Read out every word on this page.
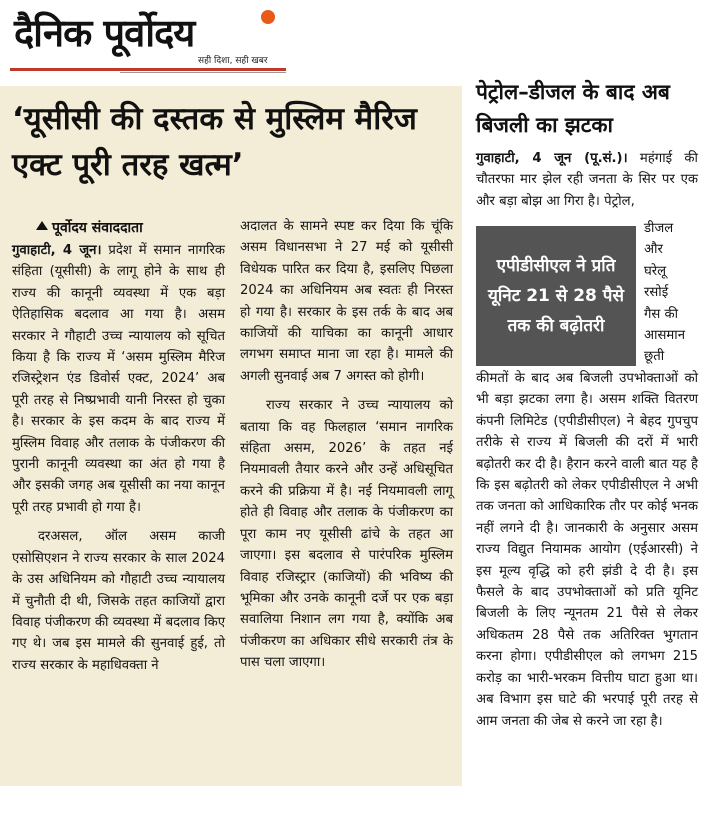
दैनिक पूर्वोदय
सही दिशा, सही खबर
‘यूसीसी की दस्तक से मुस्लिम मैरिज एक्ट पूरी तरह खत्म’
पूर्वोदय संवाददाता

गुवाहाटी, 4 जून। प्रदेश में समान नागरिक संहिता (यूसीसी) के लागू होने के साथ ही राज्य की कानूनी व्यवस्था में एक बड़ा ऐतिहासिक बदलाव आ गया है। असम सरकार ने गौहाटी उच्च न्यायालय को सूचित किया है कि राज्य में ‘असम मुस्लिम मैरिज रजिस्ट्रेशन एंड डिवोर्स एक्ट, 2024’ अब पूरी तरह से निष्प्रभावी यानी निरस्त हो चुका है। सरकार के इस कदम के बाद राज्य में मुस्लिम विवाह और तलाक के पंजीकरण की पुरानी कानूनी व्यवस्था का अंत हो गया है और इसकी जगह अब यूसीसी का नया कानून पूरी तरह प्रभावी हो गया है।

दरअसल, ऑल असम काजी एसोसिएशन ने राज्य सरकार के साल 2024 के उस अधिनियम को गौहाटी उच्च न्यायालय में चुनौती दी थी, जिसके तहत काजियों द्वारा विवाह पंजीकरण की व्यवस्था में बदलाव किए गए थे। जब इस मामले की सुनवाई हुई, तो राज्य सरकार के महाधिवक्ता ने

अदालत के सामने स्पष्ट कर दिया कि चूंकि असम विधानसभा ने 27 मई को यूसीसी विधेयक पारित कर दिया है, इसलिए पिछला 2024 का अधिनियम अब स्वतः ही निरस्त हो गया है। सरकार के इस तर्क के बाद अब काजियों की याचिका का कानूनी आधार लगभग समाप्त माना जा रहा है। मामले की अगली सुनवाई अब 7 अगस्त को होगी।

राज्य सरकार ने उच्च न्यायालय को बताया कि वह फिलहाल ‘समान नागरिक संहिता असम, 2026’ के तहत नई नियमावली तैयार करने और उन्हें अधिसूचित करने की प्रक्रिया में है। नई नियमावली लागू होते ही विवाह और तलाक के पंजीकरण का पूरा काम नए यूसीसी ढांचे के तहत आ जाएगा। इस बदलाव से पारंपरिक मुस्लिम विवाह रजिस्ट्रार (काजियों) की भविष्य की भूमिका और उनके कानूनी दर्जे पर एक बड़ा सवालिया निशान लग गया है, क्योंकि अब पंजीकरण का अधिकार सीधे सरकारी तंत्र के पास चला जाएगा।

पेट्रोल–डीजल के बाद अब बिजली का झटका

गुवाहाटी, 4 जून (पू.सं.)। महंगाई की चौतरफा मार झेल रही जनता के सिर पर एक और बड़ा बोझ आ गिरा है। पेट्रोल,

एपीडीसीएल ने प्रति यूनिट 21 से 28 पैसे तक की बढ़ोतरी
डीजल
और
घरेलू
रसोई
गैस की
आसमान
छूती

कीमतों के बाद अब बिजली उपभोक्ताओं को भी बड़ा झटका लगा है। असम शक्ति वितरण कंपनी लिमिटेड (एपीडीसीएल) ने बेहद गुपचुप तरीके से राज्य में बिजली की दरों में भारी बढ़ोतरी कर दी है। हैरान करने वाली बात यह है कि इस बढ़ोतरी को लेकर एपीडीसीएल ने अभी तक जनता को आधिकारिक तौर पर कोई भनक नहीं लगने दी है। जानकारी के अनुसार असम राज्य विद्युत नियामक आयोग (एईआरसी) ने इस मूल्य वृद्धि को हरी झंडी दे दी है। इस फैसले के बाद उपभोक्ताओं को प्रति यूनिट बिजली के लिए न्यूनतम 21 पैसे से लेकर अधिकतम 28 पैसे तक अतिरिक्त भुगतान करना होगा। एपीडीसीएल को लगभग 215 करोड़ का भारी-भरकम वित्तीय घाटा हुआ था। अब विभाग इस घाटे की भरपाई पूरी तरह से आम जनता की जेब से करने जा रहा है।
